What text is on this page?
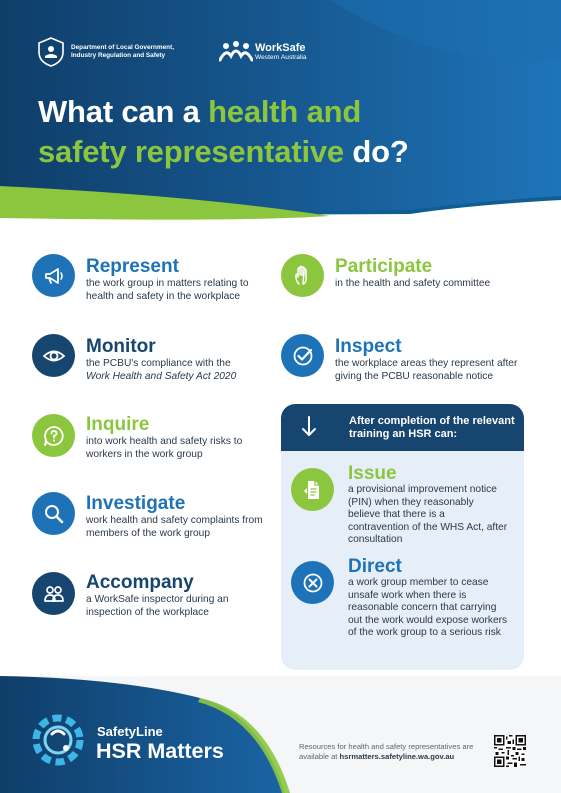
Department of Local Government, Industry Regulation and Safety
WorkSafe
Western Australia
What can a health and
safety representative do?
Represent
the work group in matters relating to health and safety in the workplace
Monitor
the PCBU's compliance with the
Work Health and Safety Act 2020
Inquire
into work health and safety risks to workers in the work group
Investigate
work health and safety complaints from members of the work group
Accompany
a WorkSafe inspector during an inspection of the workplace
Participate
in the health and safety committee
Inspect
the workplace areas they represent after giving the PCBU reasonable notice
After completion of the relevant training an HSR can:
Issue
a provisional improvement notice (PIN) when they reasonably believe that there is a contravention of the WHS Act, after consultation
Direct
a work group member to cease unsafe work when there is reasonable concern that carrying out the work would expose workers of the work group to a serious risk
SafetyLine
HSR Matters	Resources for health and safety representatives are available at hsrmatters.safetyline.wa.gov.au
